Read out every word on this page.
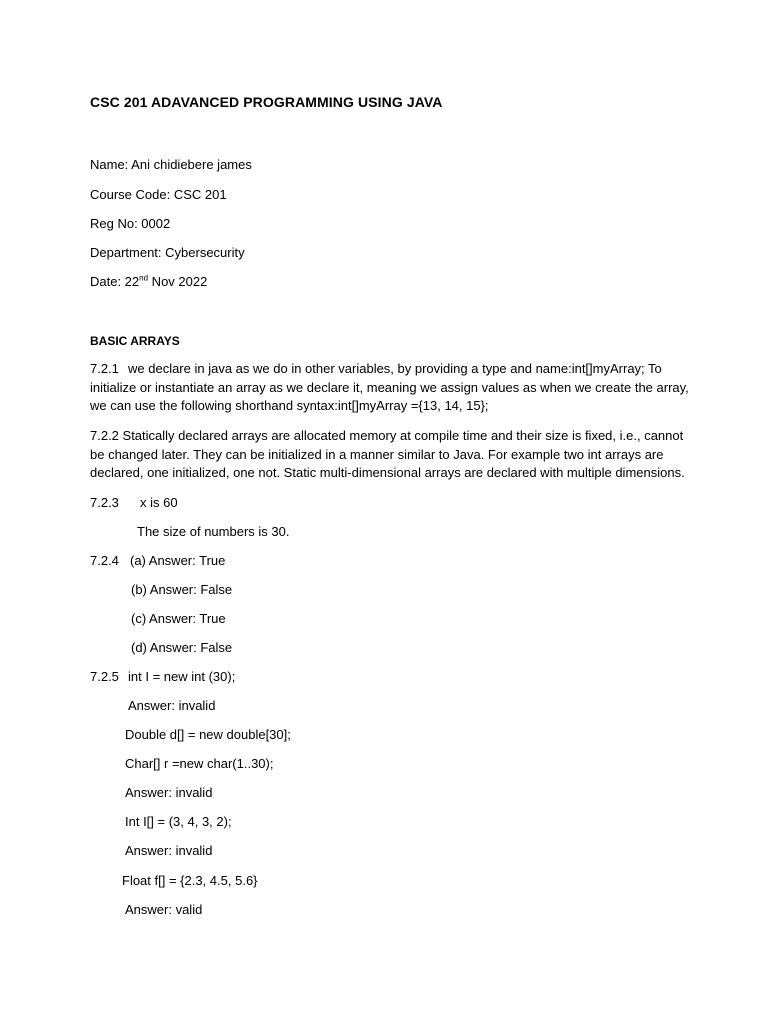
CSC 201 ADAVANCED PROGRAMMING USING JAVA
Name: Ani chidiebere james
Course Code: CSC 201
Reg No: 0002
Department: Cybersecurity
Date: 22nd Nov 2022
BASIC ARRAYS
7.2.1 we declare in java as we do in other variables, by providing a type and name:int[]myArray; To initialize or instantiate an array as we declare it, meaning we assign values as when we create the array, we can use the following shorthand syntax:int[]myArray ={13, 14, 15};
7.2.2 Statically declared arrays are allocated memory at compile time and their size is fixed, i.e., cannot be changed later. They can be initialized in a manner similar to Java. For example two int arrays are declared, one initialized, one not. Static multi-dimensional arrays are declared with multiple dimensions.
7.2.3 x is 60
The size of numbers is 30.
7.2.4 (a) Answer: True
(b) Answer: False
(c) Answer: True
(d) Answer: False
7.2.5 int I = new int (30);
Answer: invalid
Double d[] = new double[30];
Char[] r =new char(1..30);
Answer: invalid
Int I[] = (3, 4, 3, 2);
Answer: invalid
Float f[] = {2.3, 4.5, 5.6}
Answer: valid
